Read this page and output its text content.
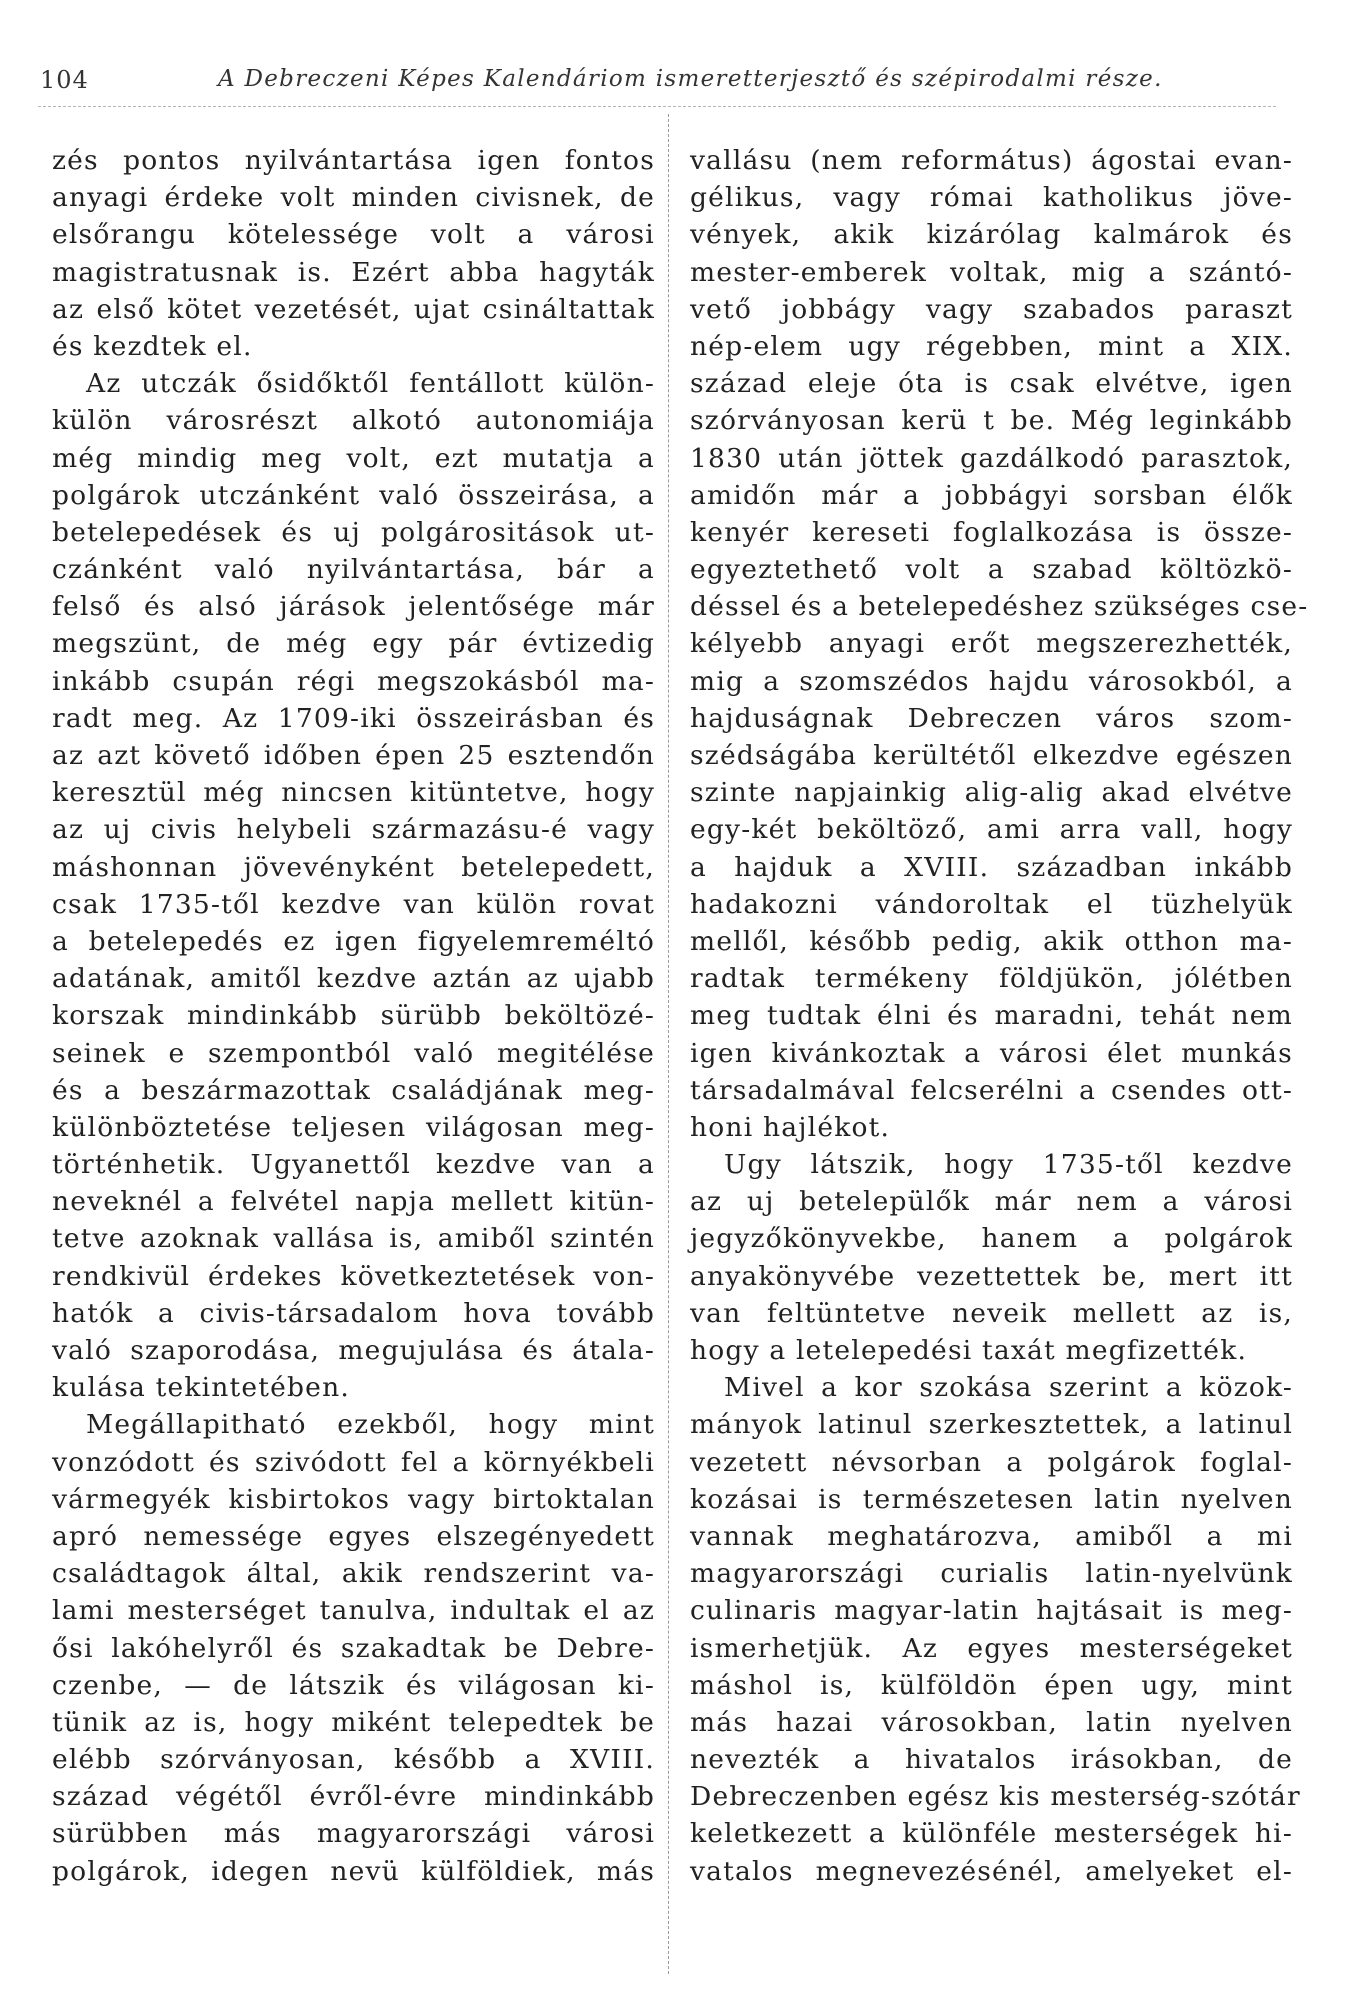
104	A Debreczeni Képes Kalendáriom ismeretterjesztő és szépirodalmi része.
zés pontos nyilvántartása igen fontos
anyagi érdeke volt minden civisnek, de
elsőrangu kötelessége volt a városi
magistratusnak is. Ezért abba hagyták
az első kötet vezetését, ujat csináltattak
és kezdtek el.
Az utczák ősidőktől fentállott külön-
külön városrészt alkotó autonomiája
még mindig meg volt, ezt mutatja a
polgárok utczánként való összeirása, a
betelepedések és uj polgárositások ut-
czánként való nyilvántartása, bár a
felső és alsó járások jelentősége már
megszünt, de még egy pár évtizedig
inkább csupán régi megszokásból ma-
radt meg. Az 1709-iki összeirásban és
az azt követő időben épen 25 esztendőn
keresztül még nincsen kitüntetve, hogy
az uj civis helybeli származásu-é vagy
máshonnan jövevényként betelepedett,
csak 1735-től kezdve van külön rovat
a betelepedés ez igen figyelemreméltó
adatának, amitől kezdve aztán az ujabb
korszak mindinkább sürübb beköltözé-
seinek e szempontból való megitélése
és a beszármazottak családjának meg-
különböztetése teljesen világosan meg-
történhetik. Ugyanettől kezdve van a
neveknél a felvétel napja mellett kitün-
tetve azoknak vallása is, amiből szintén
rendkivül érdekes következtetések von-
hatók a civis-társadalom hova tovább
való szaporodása, megujulása és átala-
kulása tekintetében.
Megállapitható ezekből, hogy mint
vonzódott és szivódott fel a környékbeli
vármegyék kisbirtokos vagy birtoktalan
apró nemessége egyes elszegényedett
családtagok által, akik rendszerint va-
lami mesterséget tanulva, indultak el az
ősi lakóhelyről és szakadtak be Debre-
czenbe, — de látszik és világosan ki-
tünik az is, hogy miként telepedtek be
elébb szórványosan, később a XVIII.
század végétől évről-évre mindinkább
sürübben más magyarországi városi
polgárok, idegen nevü külföldiek, más
vallásu (nem református) ágostai evan-
gélikus, vagy római katholikus jöve-
vények, akik kizárólag kalmárok és
mester-emberek voltak, mig a szántó-
vető jobbágy vagy szabados paraszt
nép-elem ugy régebben, mint a XIX.
század eleje óta is csak elvétve, igen
szórványosan kerü t be. Még leginkább
1830 után jöttek gazdálkodó parasztok,
amidőn már a jobbágyi sorsban élők
kenyér kereseti foglalkozása is össze-
egyeztethető volt a szabad költözkö-
déssel és a betelepedéshez szükséges cse-
kélyebb anyagi erőt megszerezhették,
mig a szomszédos hajdu városokból, a
hajduságnak Debreczen város szom-
szédságába kerültétől elkezdve egészen
szinte napjainkig alig-alig akad elvétve
egy-két beköltöző, ami arra vall, hogy
a hajduk a XVIII. században inkább
hadakozni vándoroltak el tüzhelyük
mellől, később pedig, akik otthon ma-
radtak termékeny földjükön, jólétben
meg tudtak élni és maradni, tehát nem
igen kivánkoztak a városi élet munkás
társadalmával felcserélni a csendes ott-
honi hajlékot.
Ugy látszik, hogy 1735-től kezdve
az uj betelepülők már nem a városi
jegyzőkönyvekbe, hanem a polgárok
anyakönyvébe vezettettek be, mert itt
van feltüntetve neveik mellett az is,
hogy a letelepedési taxát megfizették.
Mivel a kor szokása szerint a közok-
mányok latinul szerkesztettek, a latinul
vezetett névsorban a polgárok foglal-
kozásai is természetesen latin nyelven
vannak meghatározva, amiből a mi
magyarországi curialis latin-nyelvünk
culinaris magyar-latin hajtásait is meg-
ismerhetjük. Az egyes mesterségeket
máshol is, külföldön épen ugy, mint
más hazai városokban, latin nyelven
nevezték a hivatalos irásokban, de
Debreczenben egész kis mesterség-szótár
keletkezett a különféle mesterségek hi-
vatalos megnevezésénél, amelyeket el-
